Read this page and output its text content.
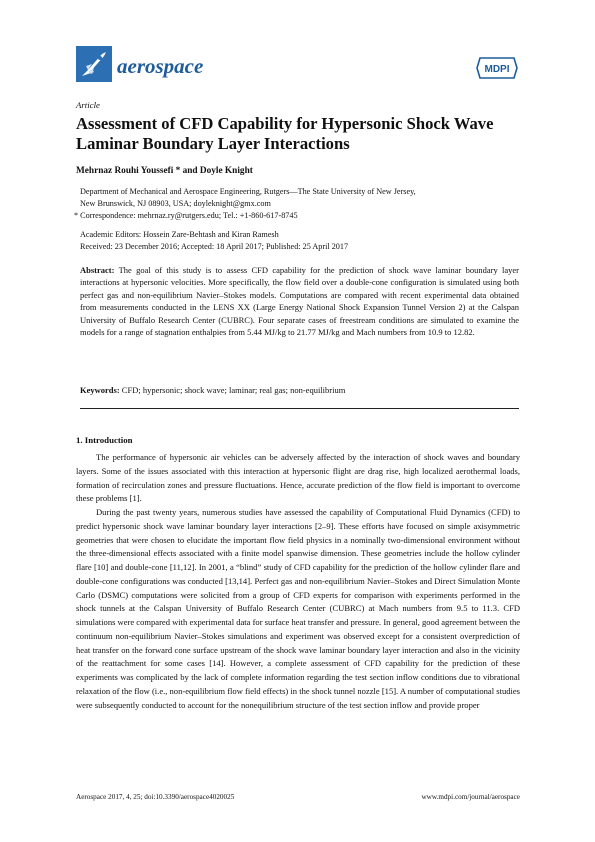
aerospace	MDPI
Article
Assessment of CFD Capability for Hypersonic Shock Wave Laminar Boundary Layer Interactions
Mehrnaz Rouhi Youssefi * and Doyle Knight
Department of Mechanical and Aerospace Engineering, Rutgers—The State University of New Jersey,
New Brunswick, NJ 08903, USA; doyleknight@gmx.com
* Correspondence: mehrnaz.ry@rutgers.edu; Tel.: +1-860-617-8745
Academic Editors: Hossein Zare-Behtash and Kiran Ramesh
Received: 23 December 2016; Accepted: 18 April 2017; Published: 25 April 2017
Abstract: The goal of this study is to assess CFD capability for the prediction of shock wave laminar boundary layer interactions at hypersonic velocities. More specifically, the flow field over a double-cone configuration is simulated using both perfect gas and non-equilibrium Navier–Stokes models. Computations are compared with recent experimental data obtained from measurements conducted in the LENS XX (Large Energy National Shock Expansion Tunnel Version 2) at the Calspan University of Buffalo Research Center (CUBRC). Four separate cases of freestream conditions are simulated to examine the models for a range of stagnation enthalpies from 5.44 MJ/kg to 21.77 MJ/kg and Mach numbers from 10.9 to 12.82.
Keywords: CFD; hypersonic; shock wave; laminar; real gas; non-equilibrium
1. Introduction

The performance of hypersonic air vehicles can be adversely affected by the interaction of shock waves and boundary layers. Some of the issues associated with this interaction at hypersonic flight are drag rise, high localized aerothermal loads, formation of recirculation zones and pressure fluctuations. Hence, accurate prediction of the flow field is important to overcome these problems [1].

During the past twenty years, numerous studies have assessed the capability of Computational Fluid Dynamics (CFD) to predict hypersonic shock wave laminar boundary layer interactions [2–9]. These efforts have focused on simple axisymmetric geometries that were chosen to elucidate the important flow field physics in a nominally two-dimensional environment without the three-dimensional effects associated with a finite model spanwise dimension. These geometries include the hollow cylinder flare [10] and double-cone [11,12]. In 2001, a “blind” study of CFD capability for the prediction of the hollow cylinder flare and double-cone configurations was conducted [13,14]. Perfect gas and non-equilibrium Navier–Stokes and Direct Simulation Monte Carlo (DSMC) computations were solicited from a group of CFD experts for comparison with experiments performed in the shock tunnels at the Calspan University of Buffalo Research Center (CUBRC) at Mach numbers from 9.5 to 11.3. CFD simulations were compared with experimental data for surface heat transfer and pressure. In general, good agreement between the continuum non-equilibrium Navier–Stokes simulations and experiment was observed except for a consistent overprediction of heat transfer on the forward cone surface upstream of the shock wave laminar boundary layer interaction and also in the vicinity of the reattachment for some cases [14]. However, a complete assessment of CFD capability for the prediction of these experiments was complicated by the lack of complete information regarding the test section inflow conditions due to vibrational relaxation of the flow (i.e., non-equilibrium flow field effects) in the shock tunnel nozzle [15]. A number of computational studies were subsequently conducted to account for the nonequilibrium structure of the test section inflow and provide proper

Aerospace 2017, 4, 25; doi:10.3390/aerospace4020025	www.mdpi.com/journal/aerospace
